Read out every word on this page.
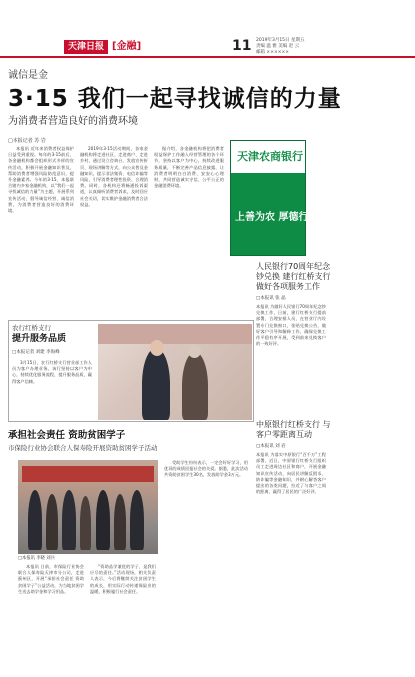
天津日报 [金融]	11 2019年3月15日 星期五
责编 温 雅 美编 赵 云
邮箱 ××××××
诚信是金
3·15 我们一起寻找诚信的力量
为消费者营造良好的消费环境
□本报记者 苏 岩

本报讯 近年来消费者权益保护日益受到重视。每年的3·15前后，各金融机构都会组织形式多样的宣传活动，积极开展金融知识普及，帮助消费者增强风险防范意识，提升金融素养。今年的3·15，本报联合辖内多家金融机构，以“我们一起寻找诚信的力量”为主题，开展系列宣传活动，倡导诚信经营、诚信消费，为消费者营造良好的消费环境。

2019年3·15活动期间，各家金融机构将走进社区、走进商户、走进乡村，通过设立咨询台、发放宣传折页、现场讲解等方式，向公众普及金融知识，提示非法集资、电信诈骗等风险，引导消费者理性投资、合理消费。同时，各机构还将畅通投诉渠道，认真倾听消费者诉求，及时回应社会关切，切实维护金融消费者合法权益。

据介绍，各金融机构将把消费者权益保护工作融入经营管理的各个环节，坚持以客户为中心，持续改进服务质量，不断完善产品信息披露，让消费者明明白白消费、安安心心理财，共同营造诚实守信、公平公正的金融消费环境。

天津农商银行
上善为农 厚德行商
人民银行70周年纪念钞兑换 建行红桥支行 做好各项服务工作
□本报讯 张 晶

本报讯 为做好人民银行70周年纪念钞兑换工作，日前，建行红桥支行提前部署，合理安排人员，在营业厅内设置专门兑换窗口，张贴兑换公告，做好客户引导和解释工作，确保兑换工作平稳有序开展，受到前来兑换客户的一致好评。

中原银行红桥支行 与客户零距离互动
□本报讯 刘 岩

本报讯 为落实中原银行“百千万”工程部署，近日，中原银行红桥支行组织员工走进周边社区和商户，开展金融知识宣传活动，向居民讲解反假币、防诈骗等金融知识，并耐心解答客户提出的各类问题，拉近了与客户之间的距离，赢得了居民的广泛好评。

农行红桥支行
提升服务品质
□本报记者 刘建 李海峰

3月15日，农行红桥支行营业部工作人员为客户办理业务。该行坚持以客户为中心，持续优化服务流程，提升服务品质，赢得客户信赖。

承担社会责任 资助贫困学子
市保险行业协会联合人保寿险开展资助贫困学子活动
□本报讯 李晓 刘兵

本报讯 日前，市保险行业协会联合人保寿险天津市分公司，走进蓟州区，开展“承担社会责任 资助贫困学子”公益活动，为当地贫困学生送去助学金和学习用品。

“资助品学兼优的学子，是我们应尽的责任。”活动现场，相关负责人表示，今后将继续关注贫困学生的成长，用实际行动传递保险业的温暖，积极履行社会责任。

受助学生纷纷表示，一定会好好学习，用优异的成绩回报社会的关爱。据悉，此次活动共资助贫困学生30名，发放助学金3万元。
